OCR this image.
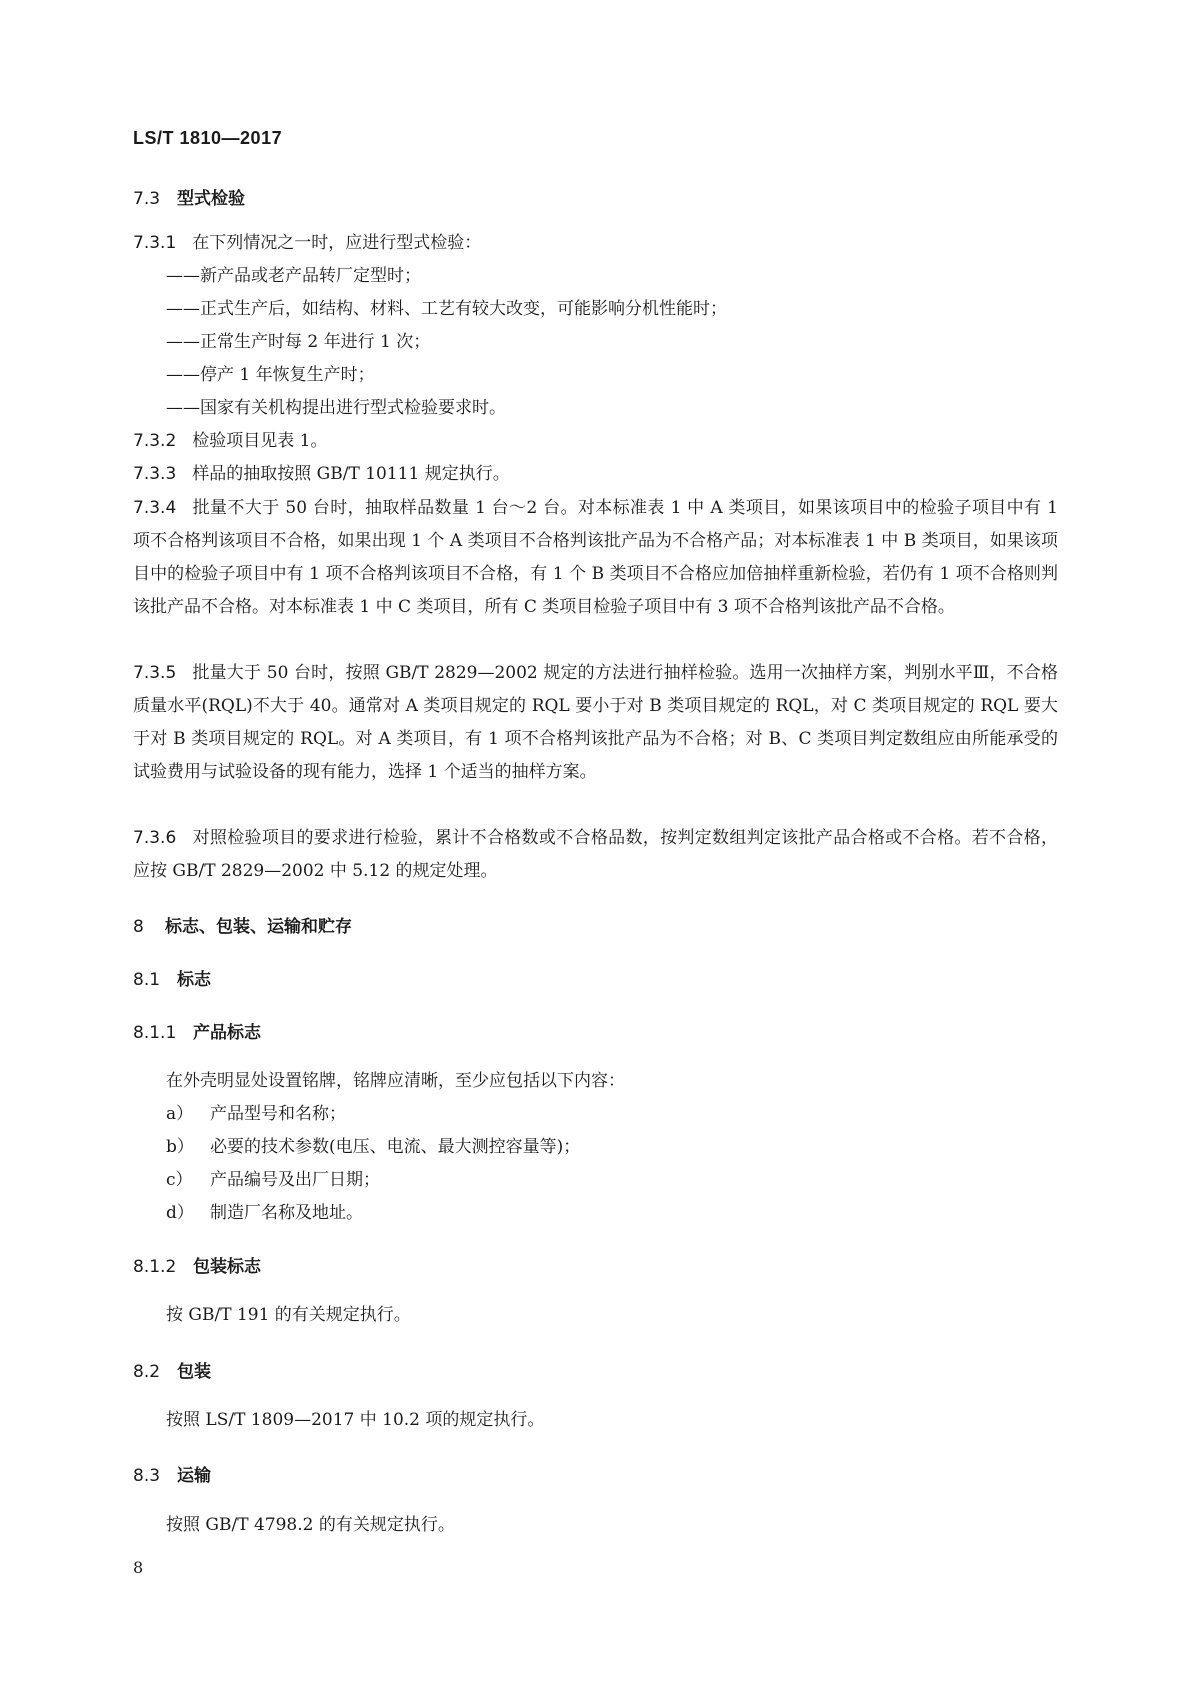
LS/T 1810—2017
7.3 型式检验
7.3.1 在下列情况之一时，应进行型式检验：
——新产品或老产品转厂定型时；
——正式生产后，如结构、材料、工艺有较大改变，可能影响分机性能时；
——正常生产时每 2 年进行 1 次；
——停产 1 年恢复生产时；
——国家有关机构提出进行型式检验要求时。
7.3.2 检验项目见表 1。
7.3.3 样品的抽取按照 GB/T 10111 规定执行。
7.3.4 批量不大于 50 台时，抽取样品数量 1 台～2 台。对本标准表 1 中 A 类项目，如果该项目中的检验子项目中有 1 项不合格判该项目不合格，如果出现 1 个 A 类项目不合格判该批产品为不合格产品；对本标准表 1 中 B 类项目，如果该项目中的检验子项目中有 1 项不合格判该项目不合格，有 1 个 B 类项目不合格应加倍抽样重新检验，若仍有 1 项不合格则判该批产品不合格。对本标准表 1 中 C 类项目，所有 C 类项目检验子项目中有 3 项不合格判该批产品不合格。
7.3.5 批量大于 50 台时，按照 GB/T 2829—2002 规定的方法进行抽样检验。选用一次抽样方案，判别水平Ⅲ，不合格质量水平(RQL)不大于 40。通常对 A 类项目规定的 RQL 要小于对 B 类项目规定的 RQL，对 C 类项目规定的 RQL 要大于对 B 类项目规定的 RQL。对 A 类项目，有 1 项不合格判该批产品为不合格；对 B、C 类项目判定数组应由所能承受的试验费用与试验设备的现有能力，选择 1 个适当的抽样方案。
7.3.6 对照检验项目的要求进行检验，累计不合格数或不合格品数，按判定数组判定该批产品合格或不合格。若不合格，应按 GB/T 2829—2002 中 5.12 的规定处理。
8 标志、包装、运输和贮存
8.1 标志
8.1.1 产品标志
在外壳明显处设置铭牌，铭牌应清晰，至少应包括以下内容：
a） 产品型号和名称；
b） 必要的技术参数(电压、电流、最大测控容量等)；
c） 产品编号及出厂日期；
d） 制造厂名称及地址。
8.1.2 包装标志
按 GB/T 191 的有关规定执行。
8.2 包装
按照 LS/T 1809—2017 中 10.2 项的规定执行。
8.3 运输
按照 GB/T 4798.2 的有关规定执行。
8
